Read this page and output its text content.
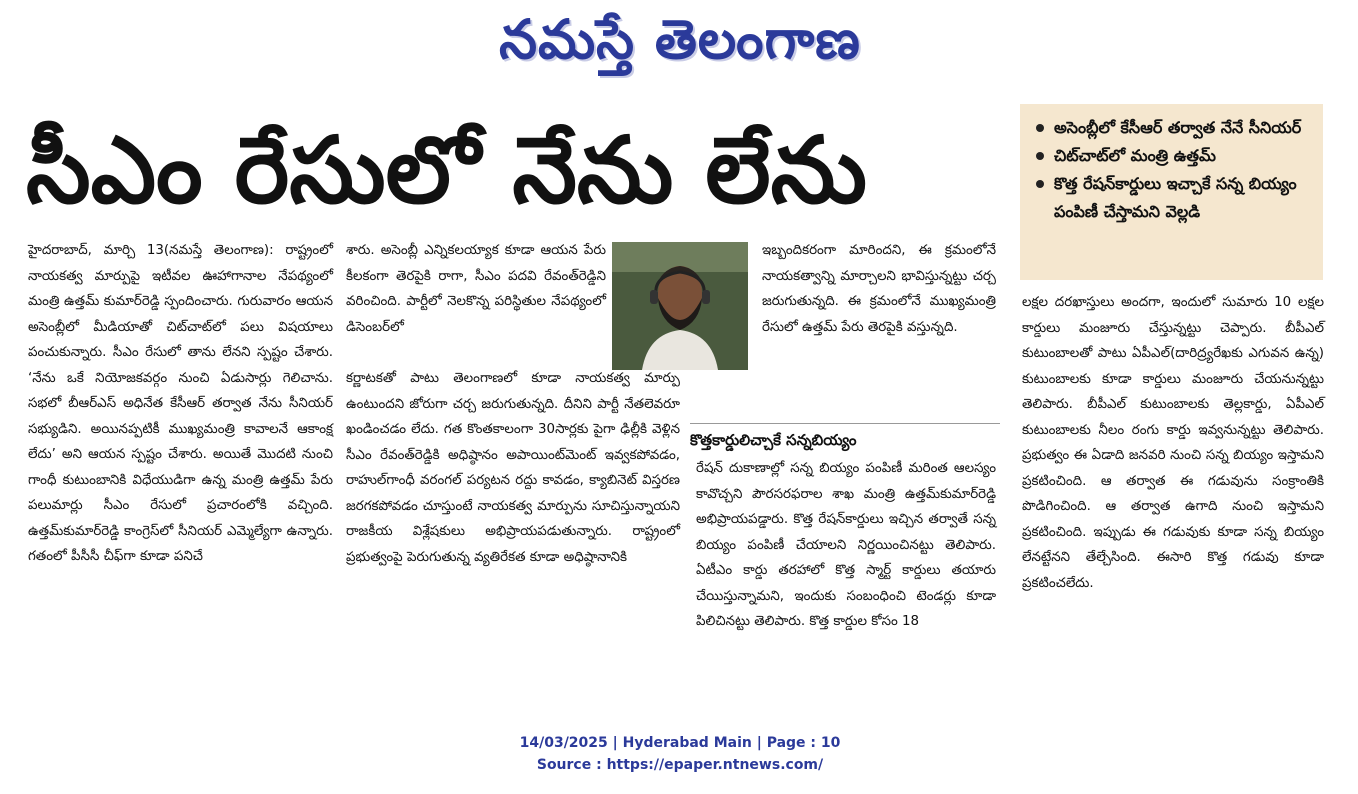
నమస్తే తెలంగాణ
సీఎం రేసులో నేను లేను	అసెంబ్లీలో కేసీఆర్ తర్వాత నేనే సీనియర్
చిట్‌చాట్‌లో మంత్రి ఉత్తమ్
కొత్త రేషన్‌కార్డులు ఇచ్చాకే సన్న బియ్యం పంపిణీ చేస్తామని వెల్లడి
హైదరాబాద్, మార్చి 13(నమస్తే తెలంగాణ): రాష్ట్రంలో నాయకత్వ మార్పుపై ఇటీవల ఊహాగానాల నేపథ్యంలో మంత్రి ఉత్తమ్ కుమార్‌రెడ్డి స్పందించారు. గురువారం ఆయన అసెంబ్లీలో మీడియాతో చిట్‌చాట్‌లో పలు విషయాలు పంచుకున్నారు. సీఎం రేసులో తాను లేనని స్పష్టం చేశారు. ‘నేను ఒకే నియోజకవర్గం నుంచి ఏడుసార్లు గెలిచాను. సభలో బీఆర్‌ఎస్ అధినేత కేసీఆర్ తర్వాత నేను సీనియర్ సభ్యుడిని. అయినప్పటికీ ముఖ్యమంత్రి కావాలనే ఆకాంక్ష లేదు’ అని ఆయన స్పష్టం చేశారు. అయితే మొదటి నుంచి గాంధీ కుటుంబానికి విధేయుడిగా ఉన్న మంత్రి ఉత్తమ్ పేరు పలుమార్లు సీఎం రేసులో ప్రచారంలోకి వచ్చింది. ఉత్తమ్‌కుమార్‌రెడ్డి కాంగ్రెస్‌లో సీనియర్ ఎమ్మెల్యేగా ఉన్నారు. గతంలో పీసీసీ చీఫ్‌గా కూడా పనిచే
శారు. అసెంబ్లీ ఎన్నికలయ్యాక కూడా ఆయన పేరు కీలకంగా తెరపైకి రాగా, సీఎం పదవి రేవంత్‌రెడ్డిని వరించింది. పార్టీలో నెలకొన్న పరిస్థితుల నేపథ్యంలో డిసెంబర్‌లో
కర్ణాటకతో పాటు తెలంగాణలో కూడా నాయకత్వ మార్పు ఉంటుందని జోరుగా చర్చ జరుగుతున్నది. దీనిని పార్టీ నేతలెవరూ ఖండించడం లేదు. గత కొంతకాలంగా 30సార్లకు పైగా ఢిల్లీకి వెళ్లిన సీఎం రేవంత్‌రెడ్డికి అధిష్ఠానం అపాయింట్‌మెంట్ ఇవ్వకపోవడం, రాహుల్‌గాంధీ వరంగల్ పర్యటన రద్దు కావడం, క్యాబినెట్ విస్తరణ జరగకపోవడం చూస్తుంటే నాయకత్వ మార్పును సూచిస్తున్నాయని రాజకీయ విశ్లేషకులు అభిప్రాయపడుతున్నారు. రాష్ట్రంలో ప్రభుత్వంపై పెరుగుతున్న వ్యతిరేకత కూడా అధిష్ఠానానికి
ఇబ్బందికరంగా మారిందని, ఈ క్రమంలోనే నాయకత్వాన్ని మార్చాలని భావిస్తున్నట్టు చర్చ జరుగుతున్నది. ఈ క్రమంలోనే ముఖ్యమంత్రి రేసులో ఉత్తమ్ పేరు తెరపైకి వస్తున్నది.
కొత్తకార్డులిచ్చాకే సన్నబియ్యం
రేషన్ దుకాణాల్లో సన్న బియ్యం పంపిణీ మరింత ఆలస్యం కావొచ్చని పౌరసరఫరాల శాఖ మంత్రి ఉత్తమ్‌కుమార్‌రెడ్డి అభిప్రాయపడ్డారు. కొత్త రేషన్‌కార్డులు ఇచ్చిన తర్వాతే సన్న బియ్యం పంపిణీ చేయాలని నిర్ణయించినట్టు తెలిపారు. ఏటీఎం కార్డు తరహాలో కొత్త స్మార్ట్ కార్డులు తయారు చేయిస్తున్నామని, ఇందుకు సంబంధించి టెండర్లు కూడా పిలిచినట్టు తెలిపారు. కొత్త కార్డుల కోసం 18
లక్షల దరఖాస్తులు అందగా, ఇందులో సుమారు 10 లక్షల కార్డులు మంజూరు చేస్తున్నట్టు చెప్పారు. బీపీఎల్ కుటుంబాలతో పాటు ఏపీఎల్(దారిద్ర్యరేఖకు ఎగువన ఉన్న) కుటుంబాలకు కూడా కార్డులు మంజూరు చేయనున్నట్టు తెలిపారు. బీపీఎల్ కుటుంబాలకు తెల్లకార్డు, ఏపీఎల్ కుటుంబాలకు నీలం రంగు కార్డు ఇవ్వనున్నట్టు తెలిపారు. ప్రభుత్వం ఈ ఏడాది జనవరి నుంచి సన్న బియ్యం ఇస్తామని ప్రకటించింది. ఆ తర్వాత ఈ గడువును సంక్రాంతికి పొడిగించింది. ఆ తర్వాత ఉగాది నుంచి ఇస్తామని ప్రకటించింది. ఇప్పుడు ఈ గడువుకు కూడా సన్న బియ్యం లేనట్టేనని తేల్చేసింది. ఈసారి కొత్త గడువు కూడా ప్రకటించలేదు.
14/03/2025 | Hyderabad Main | Page : 10
Source : https://epaper.ntnews.com/
